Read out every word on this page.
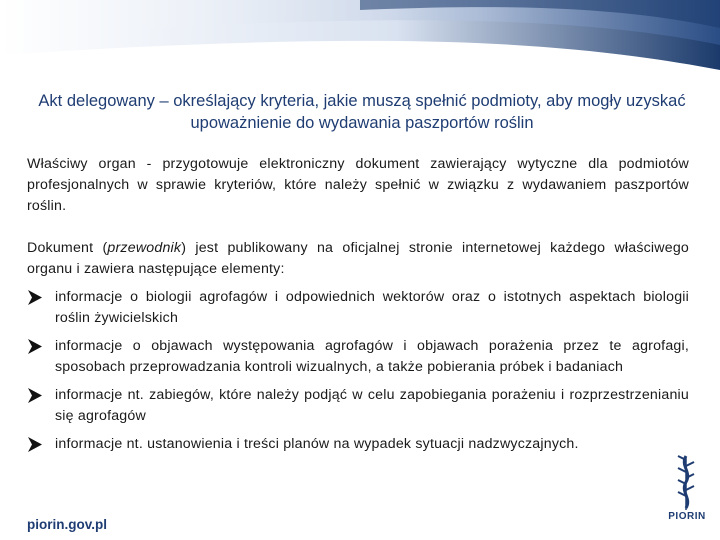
Akt delegowany – określający kryteria, jakie muszą spełnić podmioty, aby mogły uzyskać upoważnienie do wydawania paszportów roślin
Właściwy organ - przygotowuje elektroniczny dokument zawierający wytyczne dla podmiotów profesjonalnych w sprawie kryteriów, które należy spełnić w związku z wydawaniem paszportów roślin.
Dokument (przewodnik) jest publikowany na oficjalnej stronie internetowej każdego właściwego organu i zawiera następujące elementy:
informacje o biologii agrofagów i odpowiednich wektorów oraz o istotnych aspektach biologii roślin żywicielskich
informacje o objawach występowania agrofagów i objawach porażenia przez te agrofagi, sposobach przeprowadzania kontroli wizualnych, a także pobierania próbek i badaniach
informacje nt. zabiegów, które należy podjąć w celu zapobiegania porażeniu i rozprzestrzenianiu się agrofagów
informacje nt. ustanowienia i treści planów na wypadek sytuacji nadzwyczajnych.
piorin.gov.pl
PIORIN
